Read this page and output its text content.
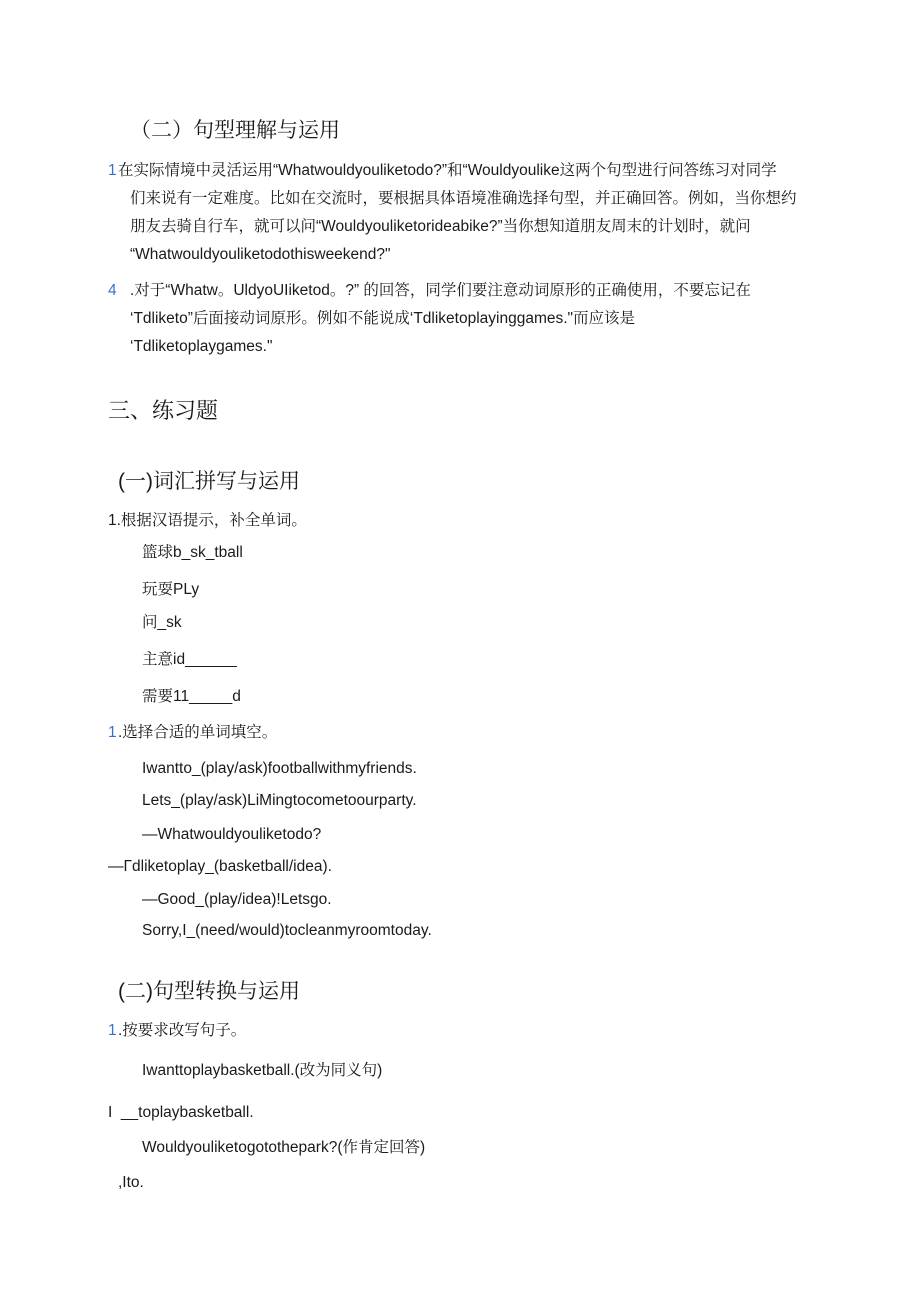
（二）句型理解与运用
1 在实际情境中灵活运用“Whatwouldyouliketodo?”和“Wouldyoulike这两个句型进行问答练习对同学
们来说有一定难度。比如在交流时，要根据具体语境准确选择句型，并正确回答。例如，当你想约
朋友去骑自行车，就可以问“Wouldyouliketorideabike?”当你想知道朋友周末的计划时，就问
“Whatwouldyouliketodothisweekend?"
4 .对于“Whatw。UldyoUIiketod。?” 的回答，同学们要注意动词原形的正确使用，不要忘记在
‘Tdliketo”后面接动词原形。例如不能说成‘Tdliketoplayinggames."而应该是
‘Tdliketoplaygames."
三、练习题
(一)词汇拼写与运用
1.根据汉语提示，补全单词。
篮球b_sk_tball
玩耍PLy
问_sk
主意id______
需要11_____d
1 .选择合适的单词填空。
Iwantto_(play/ask)footballwithmyfriends.
Lets_(play/ask)LiMingtocometoourparty.
—Whatwouldyouliketodo?
—Γdliketoplay_(basketball/idea).
—Good_(play/idea)!Letsgo.
Sorry,I_(need/would)tocleanmyroomtoday.
(二)句型转换与运用
1 .按要求改写句子。
Iwanttoplaybasketball.(改为同义句)
I  __toplaybasketball.
Wouldyouliketogotothepark?(作肯定回答)
,Ito.
